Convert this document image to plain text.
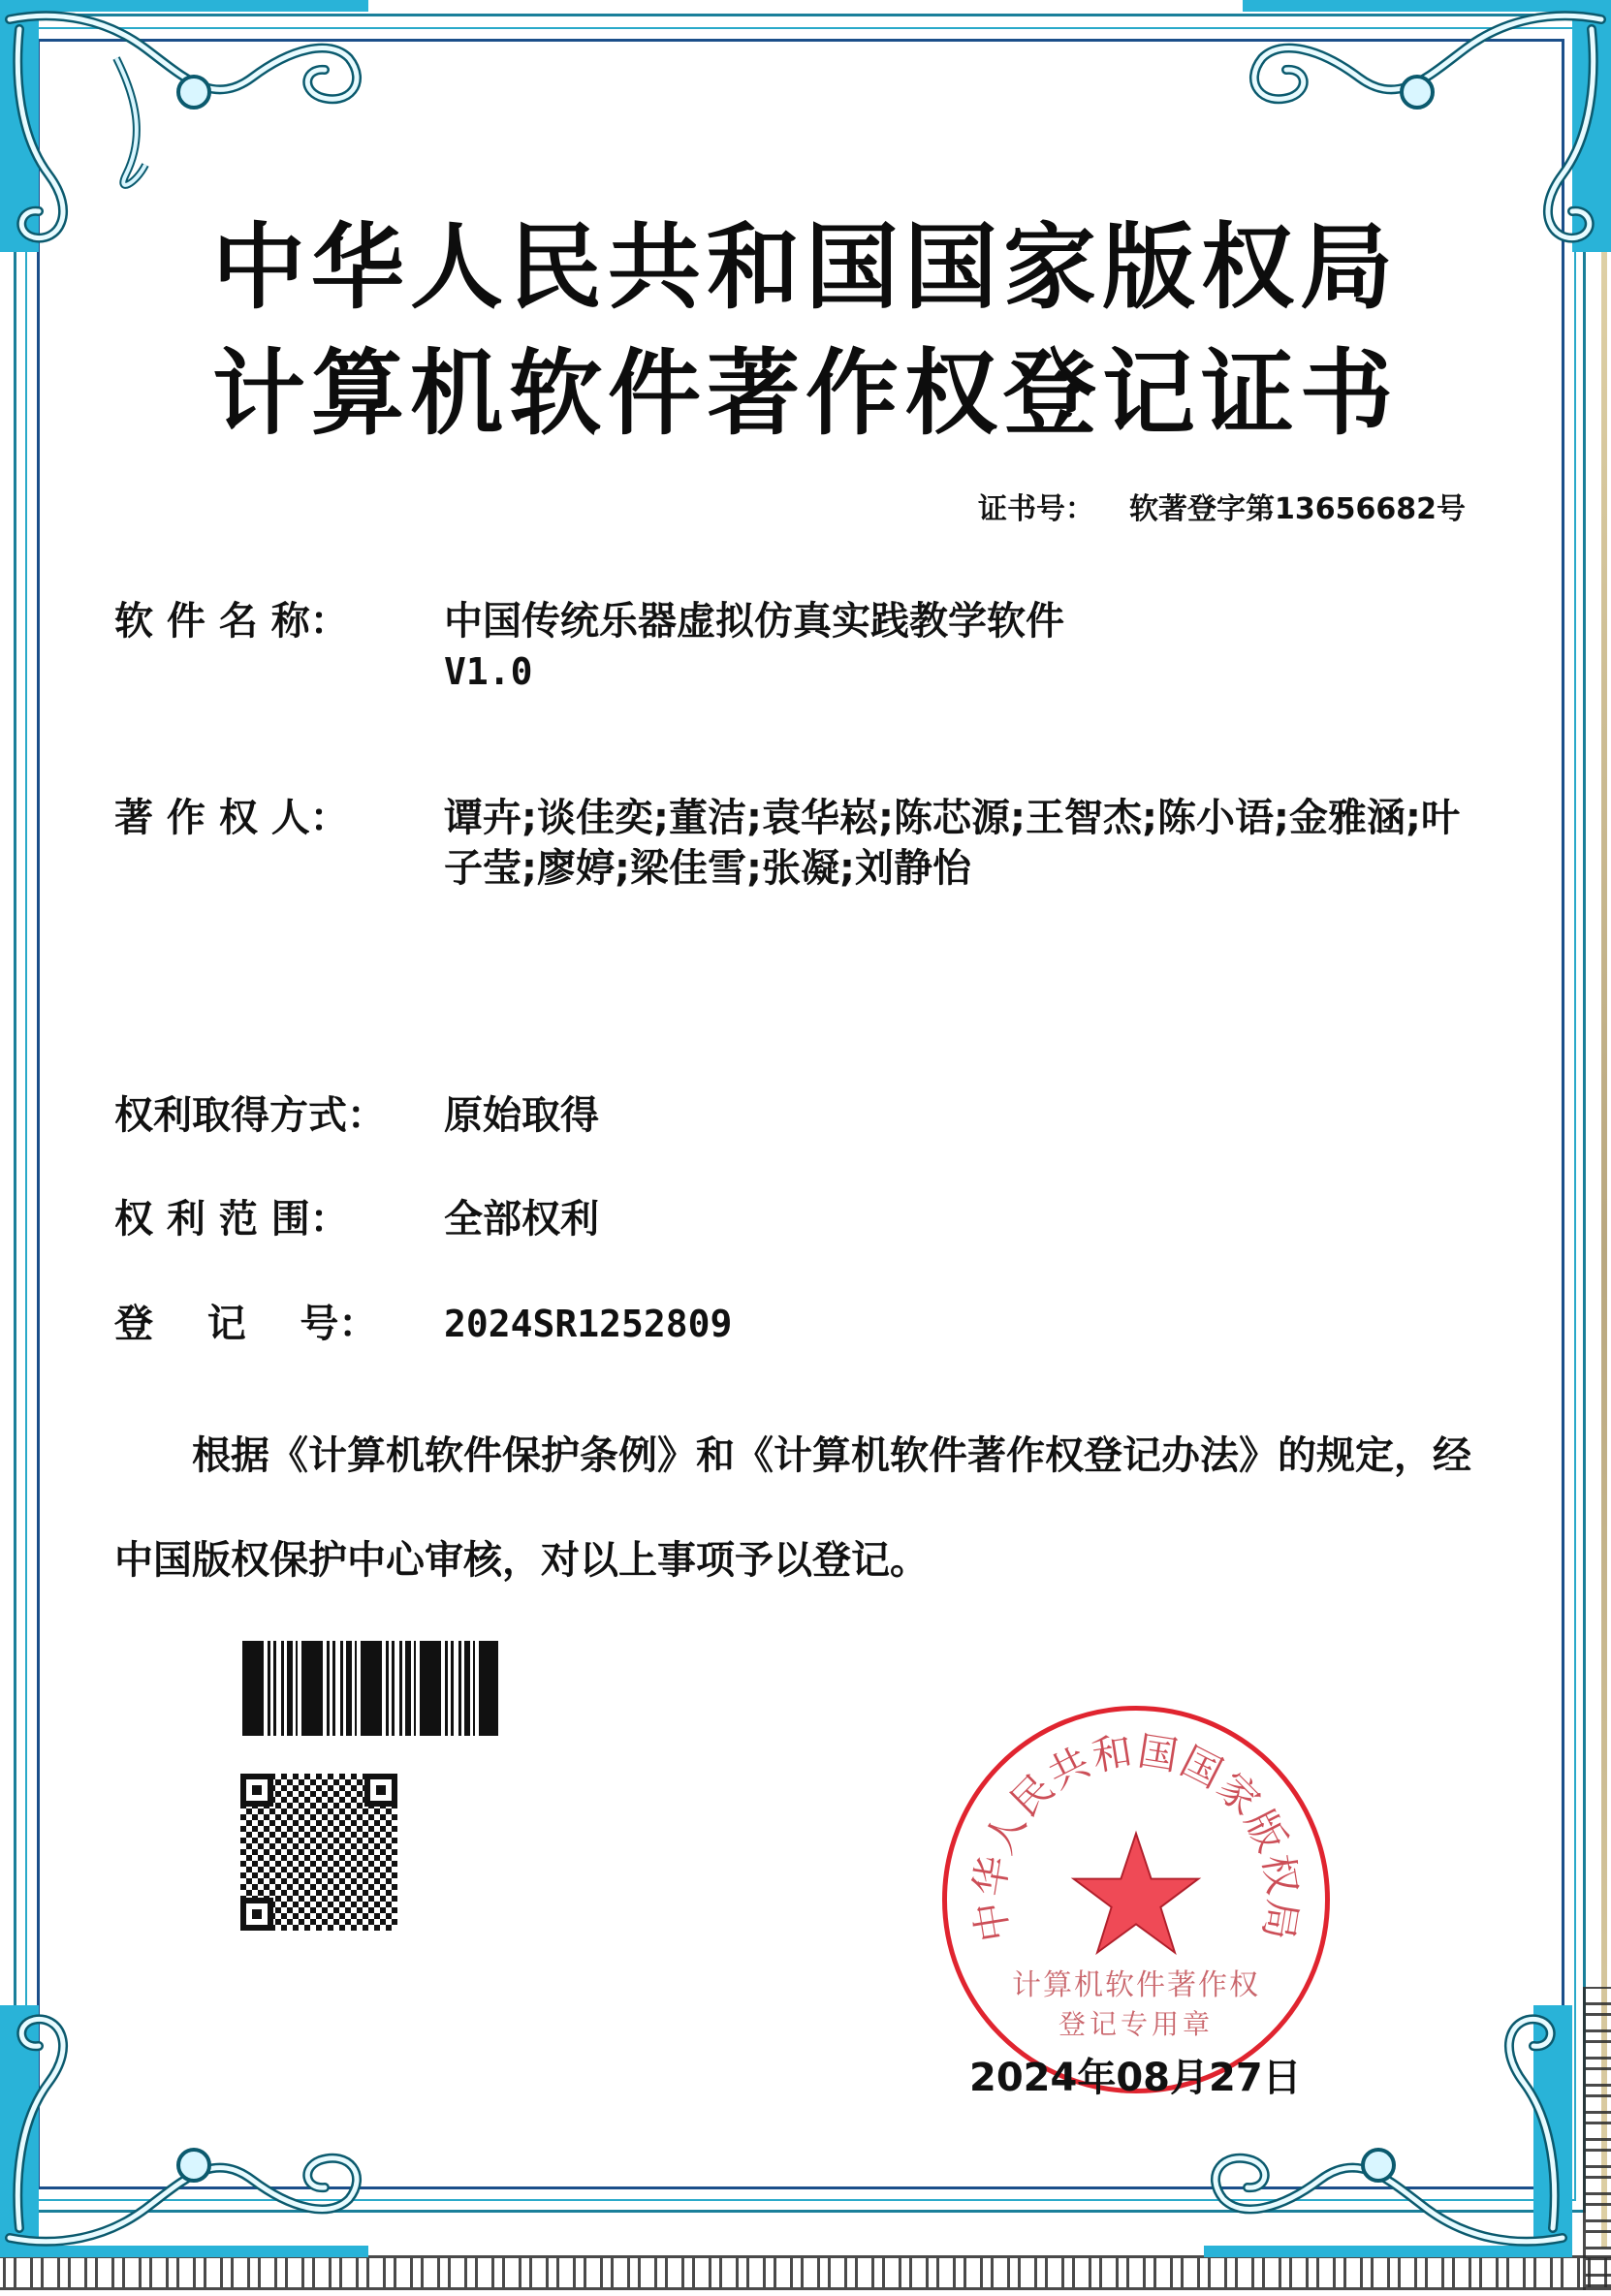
中华人民共和国国家版权局
计算机软件著作权登记证书
证书号： 软著登字第13656682号
软 件 名 称：	中国传统乐器虚拟仿真实践教学软件
V1.0
著 作 权 人：	谭卉;谈佳奕;董洁;袁华崧;陈芯源;王智杰;陈小语;金雅涵;叶子莹;廖婷;梁佳雪;张凝;刘静怡
权利取得方式：	原始取得
权 利 范 围：	全部权利
登    记    号：	2024SR1252809
根据《计算机软件保护条例》和《计算机软件著作权登记办法》的规定，经中国版权保护中心审核，对以上事项予以登记。
中华人民共和国国家版权局
计算机软件著作权
登记专用章
2024年08月27日
